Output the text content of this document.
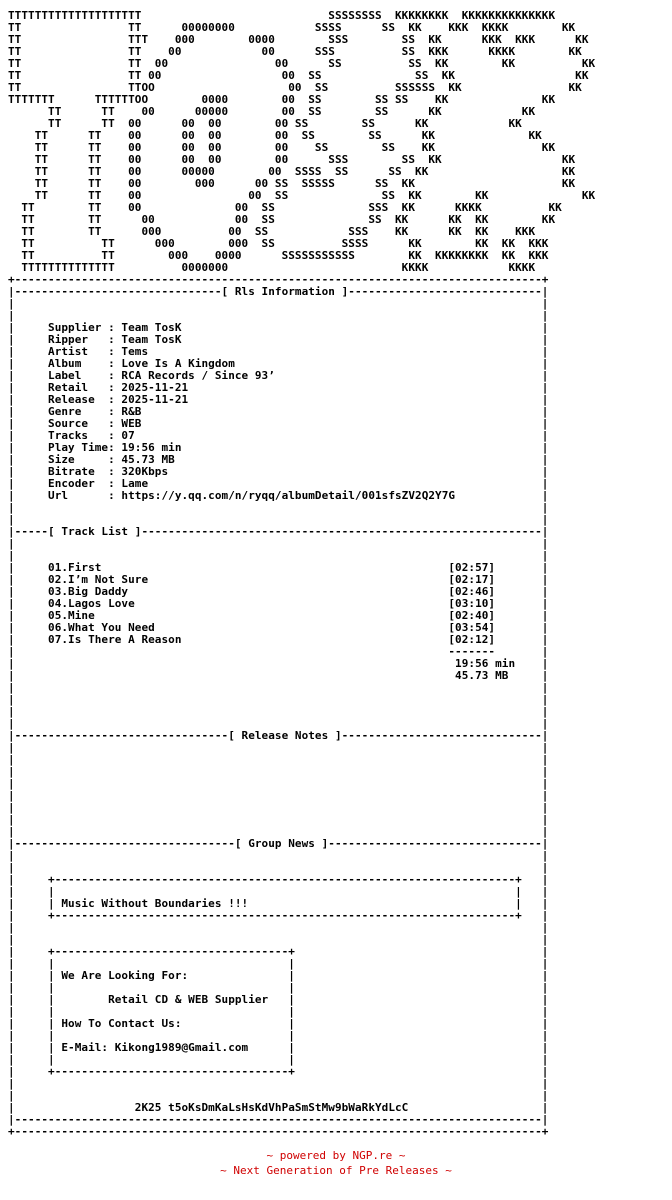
TTTTTTTTTTTTTTTTTTTT                            SSSSSSSS  KKKKKKKK  KKKKKKKKKKKKKK
TT                TT      00000000            SSSS      SS  KK    KKK  KKKK        KK
TT                TTT    000        0000        SSS        SS  KK      KKK  KKK      KK
TT                TT    00            00      SSS          SS  KKK      KKKK        KK
TT                TT  00                00      SS          SS  KK        KK          KK
TT                TT 00                  00  SS              SS  KK                  KK
TT                TTOO                    00  SS          SSSSSS  KK                KK
TTTTTTT      TTTTTTOO        0000        00  SS        SS SS    KK              KK
TT      TT    00      00000        00  SS        SS      KK            KK
TT      TT  00      00  00        00 SS        SS      KK            KK
TT      TT    00      00  00        00  SS        SS      KK              KK
TT      TT    00      00  00        00    SS        SS    KK                KK
TT      TT    00      00  00        00      SSS        SS  KK                  KK
TT      TT    00      00000        00  SSSS  SS      SS  KK                    KK
TT      TT    00        000      00 SS  SSSSS      SS  KK                      KK
TT      TT    00                00  SS              SS  KK        KK              KK
TT        TT    00              00  SS              SSS  KK      KKKK          KK
TT        TT      00            00  SS              SS  KK      KK  KK        KK
TT        TT      000          00  SS            SSS    KK      KK  KK    KKK
TT          TT      000        000  SS          SSSS      KK        KK  KK  KKK
TT          TT        000    0000      SSSSSSSSSSS        KK  KKKKKKKK  KK  KKK
TTTTTTTTTTTTTT          0000000                          KKKK            KKKK
+-------------------------------------------------------------------------------+
|-------------------------------[ Rls Information ]-----------------------------|
|                                                                               |
|                                                                               |
|     Supplier : Team TosK                                                      |
|     Ripper   : Team TosK                                                      |
|     Artist   : Tems                                                           |
|     Album    : Love Is A Kingdom                                              |
|     Label    : RCA Records / Since 93’                                        |
|     Retail   : 2025-11-21                                                     |
|     Release  : 2025-11-21                                                     |
|     Genre    : R&B                                                            |
|     Source   : WEB                                                            |
|     Tracks   : 07                                                             |
|     Play Time: 19:56 min                                                      |
|     Size     : 45.73 MB                                                       |
|     Bitrate  : 320Kbps                                                        |
|     Encoder  : Lame                                                           |
|     Url      : https://y.qq.com/n/ryqq/albumDetail/001sfsZV2Q2Y7G             |
|                                                                               |
|                                                                               |
|-----[ Track List ]------------------------------------------------------------|
|                                                                               |
|                                                                               |
|     01.First                                                    [02:57]       |
|     02.I’m Not Sure                                             [02:17]       |
|     03.Big Daddy                                                [02:46]       |
|     04.Lagos Love                                               [03:10]       |
|     05.Mine                                                     [02:40]       |
|     06.What You Need                                            [03:54]       |
|     07.Is There A Reason                                        [02:12]       |
|                                                                 -------       |
|                                                                  19:56 min    |
|                                                                  45.73 MB     |
|                                                                               |
|                                                                               |
|                                                                               |
|                                                                               |
|--------------------------------[ Release Notes ]------------------------------|
|                                                                               |
|                                                                               |
|                                                                               |
|                                                                               |
|                                                                               |
|                                                                               |
|                                                                               |
|                                                                               |
|---------------------------------[ Group News ]--------------------------------|
|                                                                               |
|                                                                               |
|     +---------------------------------------------------------------------+   |
|     |                                                                     |   |
|     | Music Without Boundaries !!!                                        |   |
|     +---------------------------------------------------------------------+   |
|                                                                               |
|                                                                               |
|     +-----------------------------------+                                     |
|     |                                   |                                     |
|     | We Are Looking For:               |                                     |
|     |                                   |                                     |
|     |        Retail CD & WEB Supplier   |                                     |
|     |                                   |                                     |
|     | How To Contact Us:                |                                     |
|     |                                   |                                     |
|     | E-Mail: Kikong1989@Gmail.com      |                                     |
|     |                                   |                                     |
|     +-----------------------------------+                                     |
|                                                                               |
|                                                                               |
|                  2K25 t5oKsDmKaLsHsKdVhPaSmStMw9bWaRkYdLcC                    |
|-------------------------------------------------------------------------------|
+-------------------------------------------------------------------------------+
~ powered by NGP.re ~
~ Next Generation of Pre Releases ~
